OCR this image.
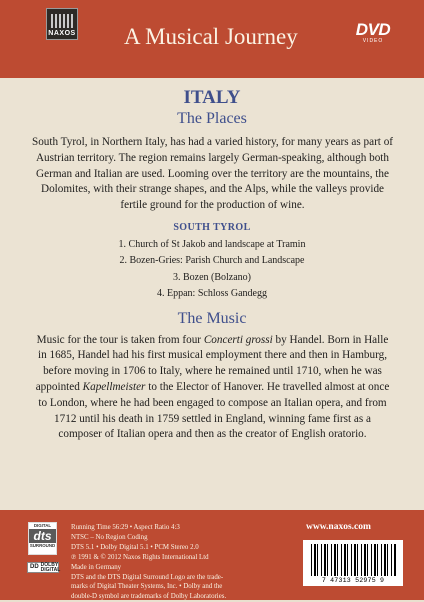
NAXOS A Musical Journey	DVD
VIDEO
ITALY
The Places

South Tyrol, in Northern Italy, has had a varied history, for many years as part of Austrian territory. The region remains largely German-speaking, although both German and Italian are used. Looming over the territory are the mountains, the Dolomites, with their strange shapes, and the Alps, while the valleys provide fertile ground for the production of wine.

SOUTH TYROL
1. Church of St Jakob and landscape at Tramin
2. Bozen-Gries: Parish Church and Landscape
3. Bozen (Bolzano)
4. Eppan: Schloss Gandegg
The Music

Music for the tour is taken from four Concerti grossi by Handel. Born in Halle in 1685, Handel had his first musical employment there and then in Hamburg, before moving in 1706 to Italy, where he remained until 1710, when he was appointed Kapellmeister to the Elector of Hanover. He travelled almost at once to London, where he had been engaged to compose an Italian opera, and from 1712 until his death in 1759 settled in England, winning fame first as a composer of Italian opera and then as the creator of English oratorio.

DIGITAL
dts
SURROUND
DD DOLBY DIGITAL
Running Time 56:29 • Aspect Ratio 4:3
NTSC – No Region Coding
DTS 5.1 • Dolby Digital 5.1 • PCM Stereo 2.0
℗ 1991 & © 2012 Naxos Rights International Ltd
Made in Germany
DTS and the DTS Digital Surround Logo are the trade-
marks of Digital Theater Systems, Inc. • Dolby and the
double-D symbol are trademarks of Dolby Laboratories.
www.naxos.com
7 47313 52975 9
